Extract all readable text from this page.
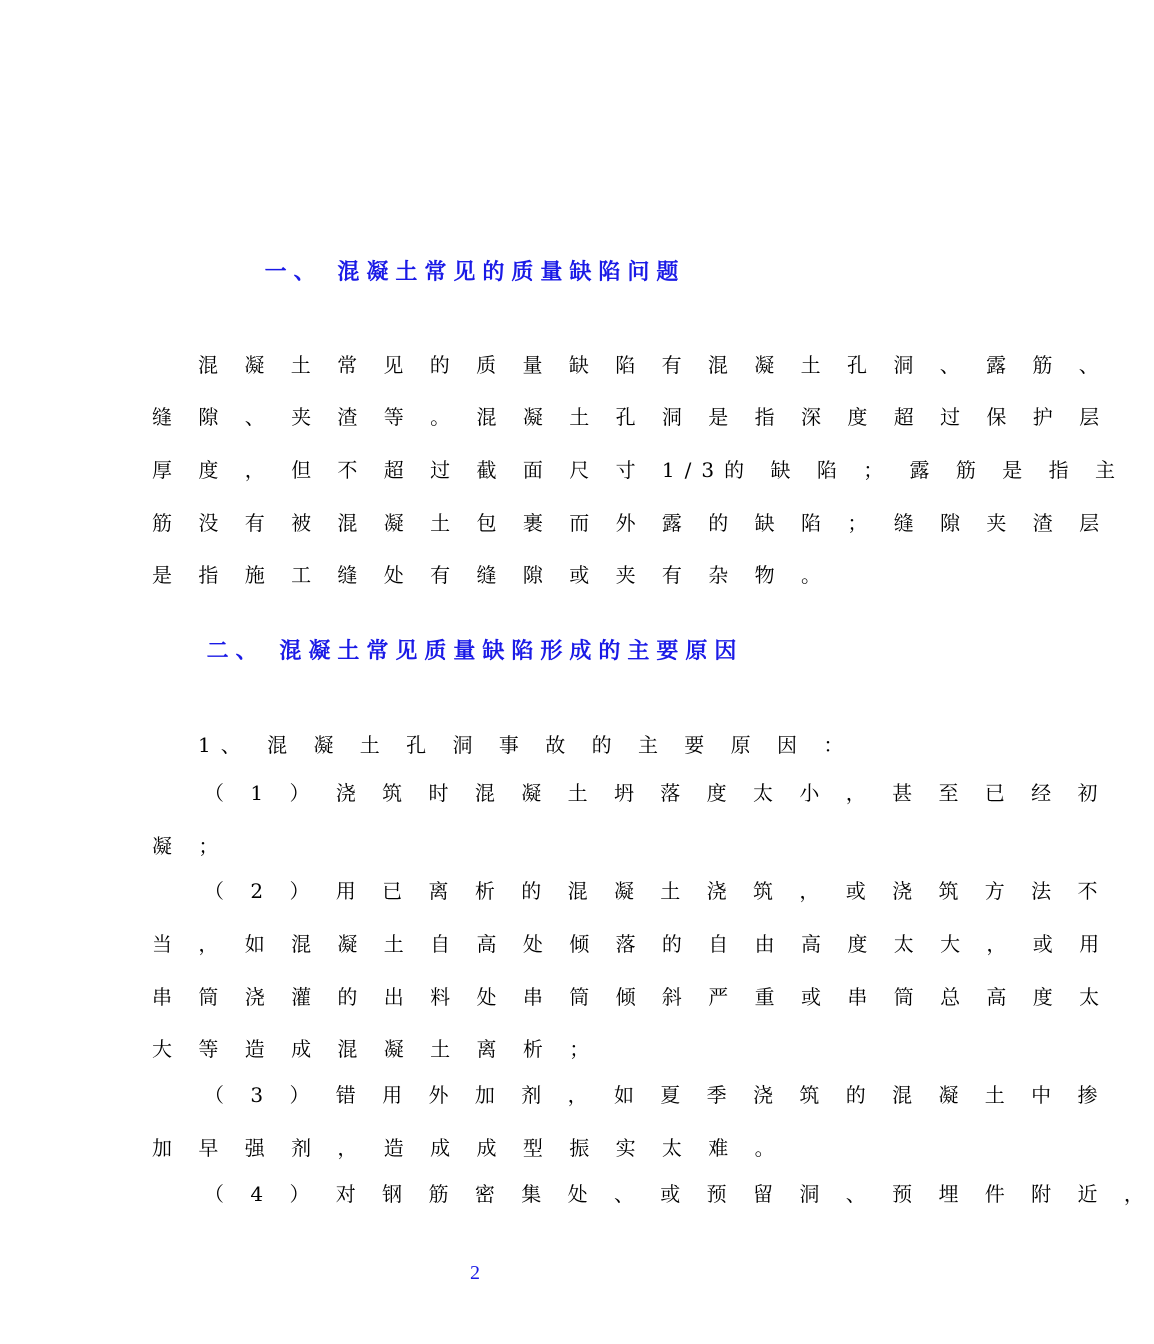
一、 混凝土常见的质量缺陷问题
混 凝 土 常 见 的 质 量 缺 陷 有 混 凝 土 孔 洞 、 露 筋 、
缝 隙 、 夹 渣 等 。 混 凝 土 孔 洞 是 指 深 度 超 过 保 护 层
厚 度 ， 但 不 超 过 截 面 尺 寸 1/3的 缺 陷 ； 露 筋 是 指 主
筋 没 有 被 混 凝 土 包 裹 而 外 露 的 缺 陷 ； 缝 隙 夹 渣 层
是 指 施 工 缝 处 有 缝 隙 或 夹 有 杂 物 。
二、 混凝土常见质量缺陷形成的主要原因
1、 混 凝 土 孔 洞 事 故 的 主 要 原 因 ：
（ 1 ） 浇 筑 时 混 凝 土 坍 落 度 太 小 ， 甚 至 已 经 初
凝 ；
（ 2 ） 用 已 离 析 的 混 凝 土 浇 筑 ， 或 浇 筑 方 法 不
当 ， 如 混 凝 土 自 高 处 倾 落 的 自 由 高 度 太 大 ， 或 用
串 筒 浇 灌 的 出 料 处 串 筒 倾 斜 严 重 或 串 筒 总 高 度 太
大 等 造 成 混 凝 土 离 析 ；
（ 3 ） 错 用 外 加 剂 ， 如 夏 季 浇 筑 的 混 凝 土 中 掺
加 早 强 剂 ， 造 成 成 型 振 实 太 难 。
（ 4 ） 对 钢 筋 密 集 处 、 或 预 留 洞 、 预 埋 件 附 近 ，
2
